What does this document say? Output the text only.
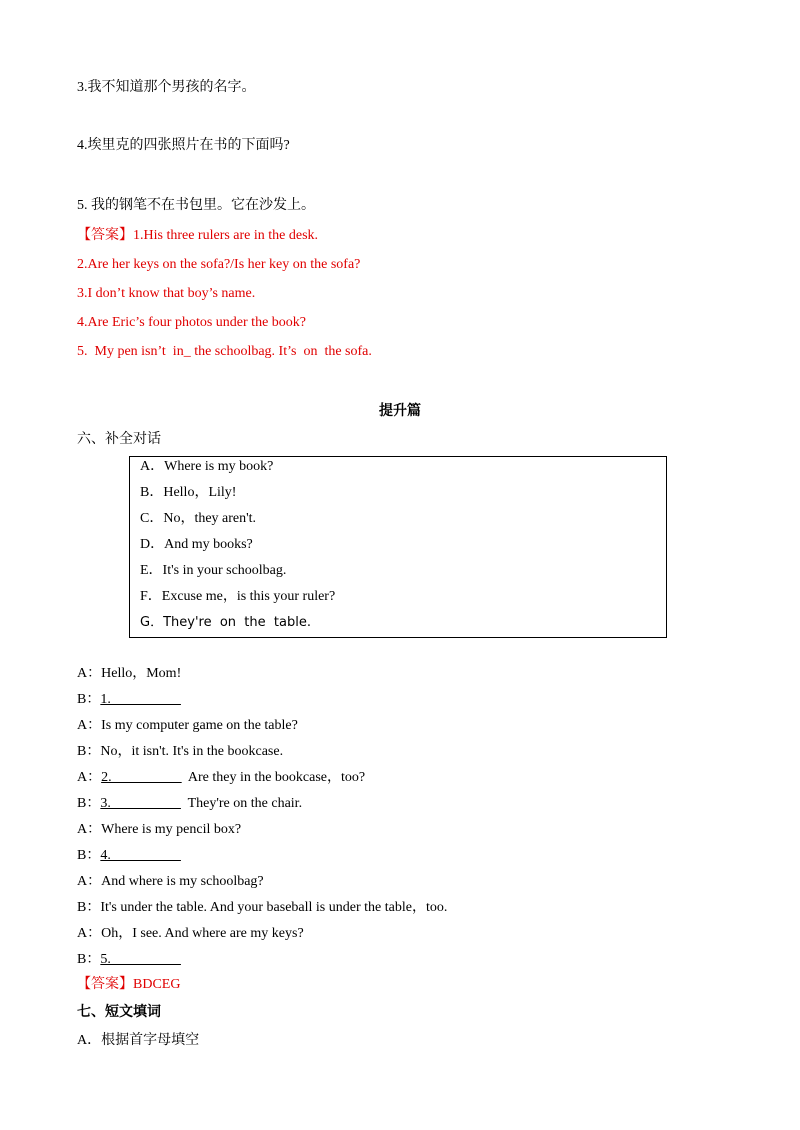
3.我不知道那个男孩的名字。
4.埃里克的四张照片在书的下面吗?
5. 我的钢笔不在书包里。它在沙发上。
【答案】1.His three rulers are in the desk.
2.Are her keys on the sofa?/Is her key on the sofa?
3.I don’t know that boy’s name.
4.Are Eric’s four photos under the book?
5.  My pen isn’t  in_ the schoolbag. It’s  on  the sofa.
提升篇
六、补全对话
A．Where is my book?
B．Hello，Lily!
C．No，they aren't.
D．And my books?
E．It's in your schoolbag.
F．Excuse me，is this your ruler?
G．They're  on  the  table.
A：Hello，Mom!
B：1.＿＿＿＿＿
A：Is my computer game on the table?
B：No，it isn't. It's in the bookcase.
A：2.＿＿＿＿＿  Are they in the bookcase，too?
B：3.＿＿＿＿＿  They're on the chair.
A：Where is my pencil box?
B：4.＿＿＿＿＿
A：And where is my schoolbag?
B：It's under the table. And your baseball is under the table，too.
A：Oh，I see. And where are my keys?
B：5.＿＿＿＿＿
【答案】BDCEG
七、短文填词
A．根据首字母填空
